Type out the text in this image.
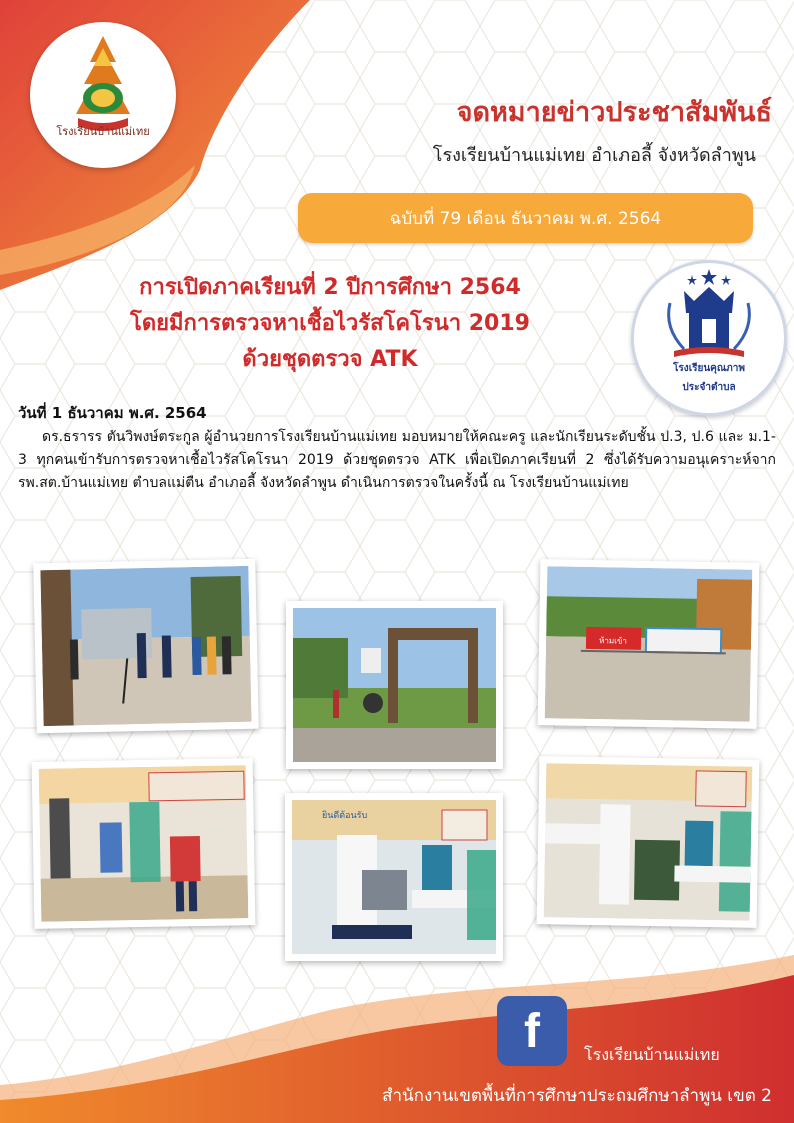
โรงเรียนบ้านแม่เทย
จดหมายข่าวประชาสัมพันธ์
โรงเรียนบ้านแม่เทย อำเภอลี้ จังหวัดลำพูน
ฉบับที่ 79 เดือน ธันวาคม พ.ศ. 2564
การเปิดภาคเรียนที่ 2 ปีการศึกษา 2564
โดยมีการตรวจหาเชื้อไวรัสโคโรนา 2019
ด้วยชุดตรวจ ATK	โรงเรียนคุณภาพ
ประจำตำบล
วันที่ 1 ธันวาคม พ.ศ. 2564

ดร.ธรารร ตันวิพงษ์ตระกูล ผู้อำนวยการโรงเรียนบ้านแม่เทย มอบหมายให้คณะครู และนักเรียนระดับชั้น ป.3, ป.6 และ ม.1-3 ทุกคนเข้ารับการตรวจหาเชื้อไวรัสโคโรนา 2019 ด้วยชุดตรวจ ATK เพื่อเปิดภาคเรียนที่ 2 ซึ่งได้รับความอนุเคราะห์จาก รพ.สต.บ้านแม่เทย ตำบลแม่ตืน อำเภอลี้ จังหวัดลำพูน ดำเนินการตรวจในครั้งนี้ ณ โรงเรียนบ้านแม่เทย

ห้ามเข้า
ยินดีต้อนรับ
f	โรงเรียนบ้านแม่เทย
สำนักงานเขตพื้นที่การศึกษาประถมศึกษาลำพูน เขต 2
